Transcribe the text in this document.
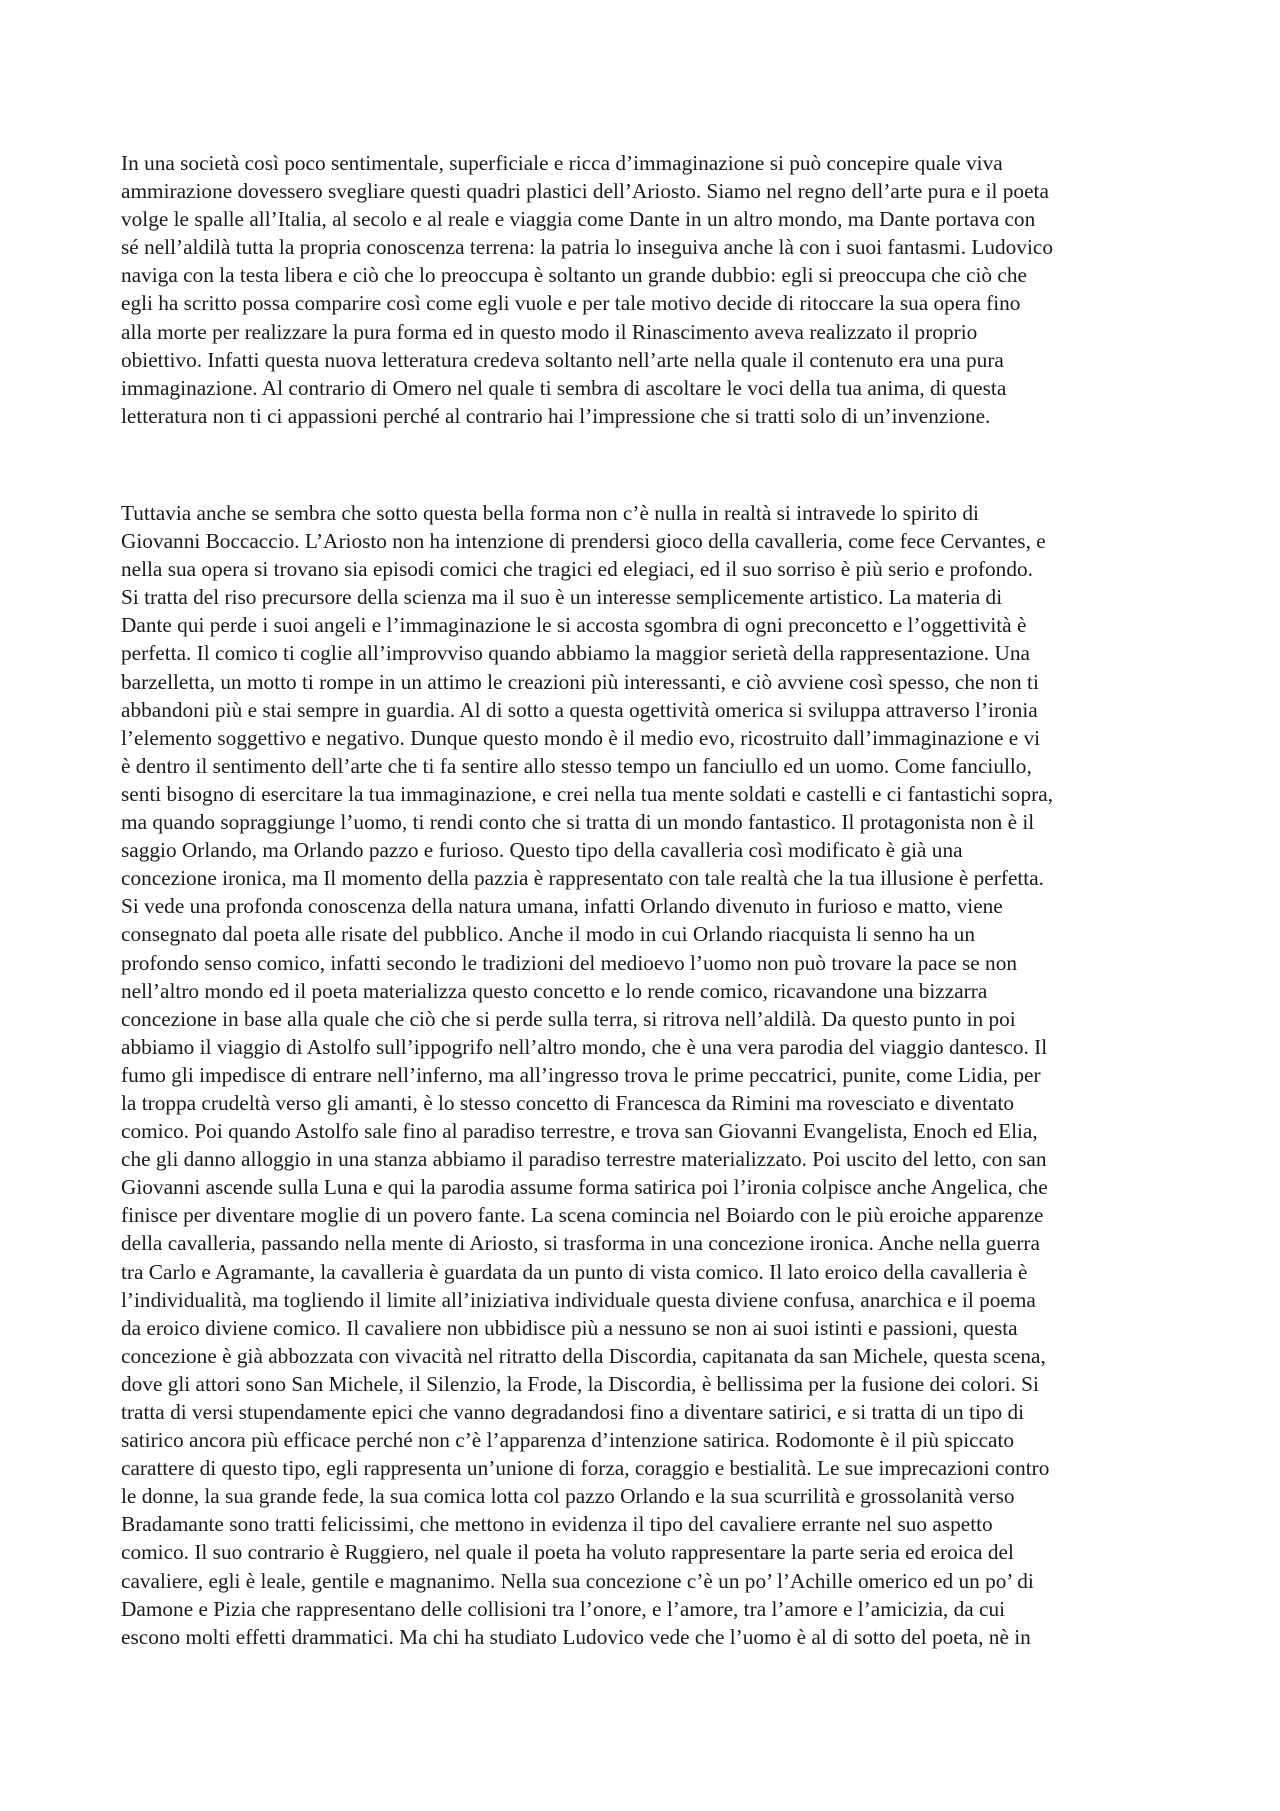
In una società così poco sentimentale, superficiale e ricca d’immaginazione si può concepire quale viva
ammirazione dovessero svegliare questi quadri plastici dell’Ariosto. Siamo nel regno dell’arte pura e il poeta
volge le spalle all’Italia, al secolo e al reale e viaggia come Dante in un altro mondo, ma Dante portava con
sé nell’aldilà tutta la propria conoscenza terrena: la patria lo inseguiva anche là con i suoi fantasmi. Ludovico
naviga con la testa libera e ciò che lo preoccupa è soltanto un grande dubbio: egli si preoccupa che ciò che
egli ha scritto possa comparire così come egli vuole e per tale motivo decide di ritoccare la sua opera fino
alla morte per realizzare la pura forma ed in questo modo il Rinascimento aveva realizzato il proprio
obiettivo. Infatti questa nuova letteratura credeva soltanto nell’arte nella quale il contenuto era una pura
immaginazione. Al contrario di Omero nel quale ti sembra di ascoltare le voci della tua anima, di questa
letteratura non ti ci appassioni perché al contrario hai l’impressione che si tratti solo di un’invenzione.
Tuttavia anche se sembra che sotto questa bella forma non c’è nulla in realtà si intravede lo spirito di
Giovanni Boccaccio. L’Ariosto non ha intenzione di prendersi gioco della cavalleria, come fece Cervantes, e
nella sua opera si trovano sia episodi comici che tragici ed elegiaci, ed il suo sorriso è più serio e profondo.
Si tratta del riso precursore della scienza ma il suo è un interesse semplicemente artistico. La materia di
Dante qui perde i suoi angeli e l’immaginazione le si accosta sgombra di ogni preconcetto e l’oggettività è
perfetta. Il comico ti coglie all’improvviso quando abbiamo la maggior serietà della rappresentazione. Una
barzelletta, un motto ti rompe in un attimo le creazioni più interessanti, e ciò avviene così spesso, che non ti
abbandoni più e stai sempre in guardia. Al di sotto a questa ogettività omerica si sviluppa attraverso l’ironia
l’elemento soggettivo e negativo. Dunque questo mondo è il medio evo, ricostruito dall’immaginazione e vi
è dentro il sentimento dell’arte che ti fa sentire allo stesso tempo un fanciullo ed un uomo. Come fanciullo,
senti bisogno di esercitare la tua immaginazione, e crei nella tua mente soldati e castelli e ci fantastichi sopra,
ma quando sopraggiunge l’uomo, ti rendi conto che si tratta di un mondo fantastico. Il protagonista non è il
saggio Orlando, ma Orlando pazzo e furioso. Questo tipo della cavalleria così modificato è già una
concezione ironica, ma Il momento della pazzia è rappresentato con tale realtà che la tua illusione è perfetta.
Si vede una profonda conoscenza della natura umana, infatti Orlando divenuto in furioso e matto, viene
consegnato dal poeta alle risate del pubblico. Anche il modo in cui Orlando riacquista li senno ha un
profondo senso comico, infatti secondo le tradizioni del medioevo l’uomo non può trovare la pace se non
nell’altro mondo ed il poeta materializza questo concetto e lo rende comico, ricavandone una bizzarra
concezione in base alla quale che ciò che si perde sulla terra, si ritrova nell’aldilà. Da questo punto in poi
abbiamo il viaggio di Astolfo sull’ippogrifo nell’altro mondo, che è una vera parodia del viaggio dantesco. Il
fumo gli impedisce di entrare nell’inferno, ma all’ingresso trova le prime peccatrici, punite, come Lidia, per
la troppa crudeltà verso gli amanti, è lo stesso concetto di Francesca da Rimini ma rovesciato e diventato
comico. Poi quando Astolfo sale fino al paradiso terrestre, e trova san Giovanni Evangelista, Enoch ed Elia,
che gli danno alloggio in una stanza abbiamo il paradiso terrestre materializzato. Poi uscito del letto, con san
Giovanni ascende sulla Luna e qui la parodia assume forma satirica poi l’ironia colpisce anche Angelica, che
finisce per diventare moglie di un povero fante. La scena comincia nel Boiardo con le più eroiche apparenze
della cavalleria, passando nella mente di Ariosto, si trasforma in una concezione ironica. Anche nella guerra
tra Carlo e Agramante, la cavalleria è guardata da un punto di vista comico. Il lato eroico della cavalleria è
l’individualità, ma togliendo il limite all’iniziativa individuale questa diviene confusa, anarchica e il poema
da eroico diviene comico. Il cavaliere non ubbidisce più a nessuno se non ai suoi istinti e passioni, questa
concezione è già abbozzata con vivacità nel ritratto della Discordia, capitanata da san Michele, questa scena,
dove gli attori sono San Michele, il Silenzio, la Frode, la Discordia, è bellissima per la fusione dei colori. Si
tratta di versi stupendamente epici che vanno degradandosi fino a diventare satirici, e si tratta di un tipo di
satirico ancora più efficace perché non c’è l’apparenza d’intenzione satirica. Rodomonte è il più spiccato
carattere di questo tipo, egli rappresenta un’unione di forza, coraggio e bestialità. Le sue imprecazioni contro
le donne, la sua grande fede, la sua comica lotta col pazzo Orlando e la sua scurrilità e grossolanità verso
Bradamante sono tratti felicissimi, che mettono in evidenza il tipo del cavaliere errante nel suo aspetto
comico. Il suo contrario è Ruggiero, nel quale il poeta ha voluto rappresentare la parte seria ed eroica del
cavaliere, egli è leale, gentile e magnanimo. Nella sua concezione c’è un po’ l’Achille omerico ed un po’ di
Damone e Pizia che rappresentano delle collisioni tra l’onore, e l’amore, tra l’amore e l’amicizia, da cui
escono molti effetti drammatici. Ma chi ha studiato Ludovico vede che l’uomo è al di sotto del poeta, nè in
